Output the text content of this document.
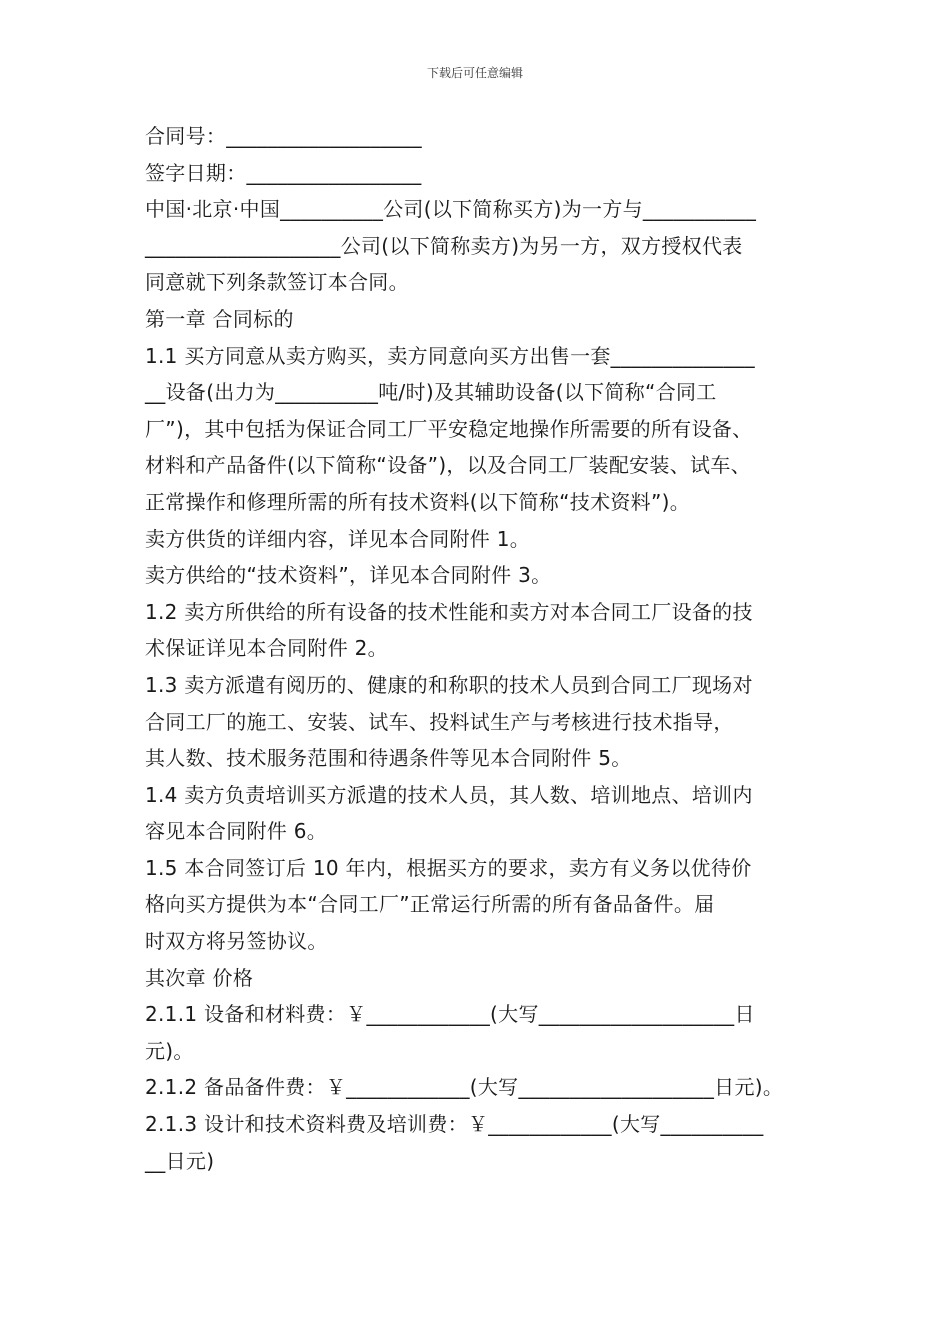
下载后可任意编辑

合同号：___________________

签字日期：_________________

中国·北京·中国__________公司(以下简称买方)为一方与___________

___________________公司(以下简称卖方)为另一方，双方授权代表

同意就下列条款签订本合同。

第一章 合同标的

1.1 买方同意从卖方购买，卖方同意向买方出售一套______________

__设备(出力为__________吨/时)及其辅助设备(以下简称“合同工

厂”)，其中包括为保证合同工厂平安稳定地操作所需要的所有设备、

材料和产品备件(以下简称“设备”)，以及合同工厂装配安装、试车、

正常操作和修理所需的所有技术资料(以下简称“技术资料”)。

卖方供货的详细内容，详见本合同附件 1。

卖方供给的“技术资料”，详见本合同附件 3。

1.2 卖方所供给的所有设备的技术性能和卖方对本合同工厂设备的技

术保证详见本合同附件 2。

1.3 卖方派遣有阅历的、健康的和称职的技术人员到合同工厂现场对

合同工厂的施工、安装、试车、投料试生产与考核进行技术指导，

其人数、技术服务范围和待遇条件等见本合同附件 5。

1.4 卖方负责培训买方派遣的技术人员，其人数、培训地点、培训内

容见本合同附件 6。

1.5 本合同签订后 10 年内，根据买方的要求，卖方有义务以优待价

格向买方提供为本“合同工厂”正常运行所需的所有备品备件。届

时双方将另签协议。

其次章 价格

2.1.1 设备和材料费：￥____________(大写___________________日

元)。

2.1.2 备品备件费：￥____________(大写___________________日元)。

2.1.3 设计和技术资料费及培训费：￥____________(大写__________

__日元)
